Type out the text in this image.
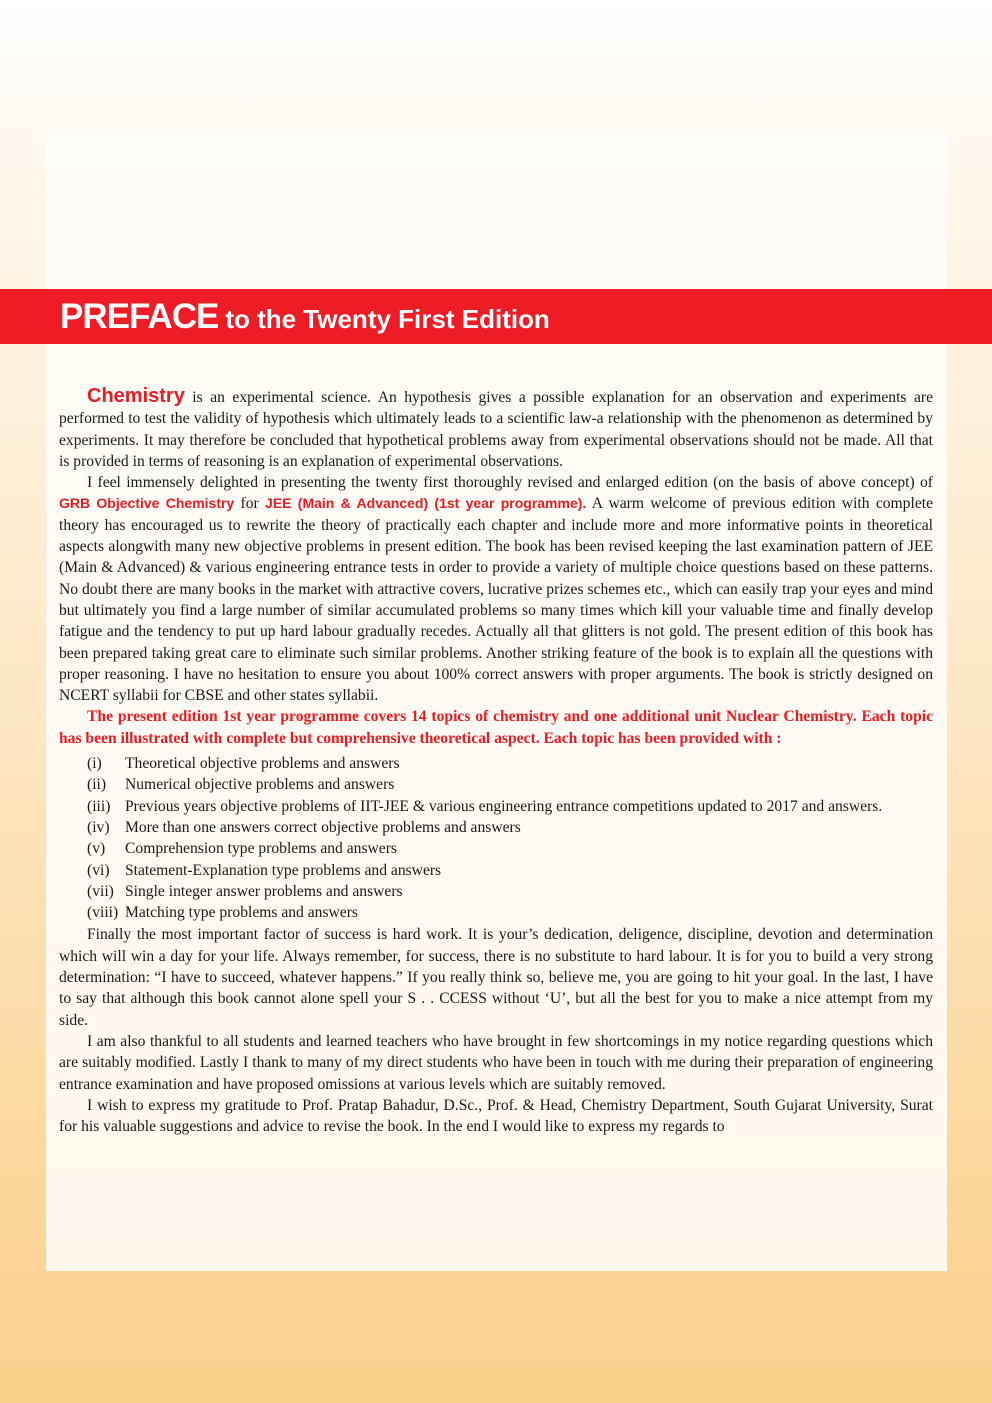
PREFACE to the Twenty First Edition

Chemistry is an experimental science. An hypothesis gives a possible explanation for an observation and experiments are performed to test the validity of hypothesis which ultimately leads to a scientific law-a relationship with the phenomenon as determined by experiments. It may therefore be concluded that hypothetical problems away from experimental observations should not be made. All that is provided in terms of reasoning is an explanation of experimental observations.

I feel immensely delighted in presenting the twenty first thoroughly revised and enlarged edition (on the basis of above concept) of GRB Objective Chemistry for JEE (Main & Advanced) (1st year programme). A warm welcome of previous edition with complete theory has encouraged us to rewrite the theory of practically each chapter and include more and more informative points in theoretical aspects alongwith many new objective problems in present edition. The book has been revised keeping the last examination pattern of JEE (Main & Advanced) & various engineering entrance tests in order to provide a variety of multiple choice questions based on these patterns. No doubt there are many books in the market with attractive covers, lucrative prizes schemes etc., which can easily trap your eyes and mind but ultimately you find a large number of similar accumulated problems so many times which kill your valuable time and finally develop fatigue and the tendency to put up hard labour gradually recedes. Actually all that glitters is not gold. The present edition of this book has been prepared taking great care to eliminate such similar problems. Another striking feature of the book is to explain all the questions with proper reasoning. I have no hesitation to ensure you about 100% correct answers with proper arguments. The book is strictly designed on NCERT syllabii for CBSE and other states syllabii.

The present edition 1st year programme covers 14 topics of chemistry and one additional unit Nuclear Chemistry. Each topic has been illustrated with complete but comprehensive theoretical aspect. Each topic has been provided with :

(i)	Theoretical objective problems and answers
(ii)	Numerical objective problems and answers
(iii) Previous years objective problems of IIT-JEE & various engineering entrance competitions updated to 2017 and answers.
(iv) More than one answers correct objective problems and answers
(v)	Comprehension type problems and answers
(vi) Statement-Explanation type problems and answers
(vii) Single integer answer problems and answers
(viii) Matching type problems and answers

Finally the most important factor of success is hard work. It is your’s dedication, deligence, discipline, devotion and determination which will win a day for your life. Always remember, for success, there is no substitute to hard labour. It is for you to build a very strong determination: “I have to succeed, whatever happens.” If you really think so, believe me, you are going to hit your goal. In the last, I have to say that although this book cannot alone spell your S . . CCESS without ‘U’, but all the best for you to make a nice attempt from my side.

I am also thankful to all students and learned teachers who have brought in few shortcomings in my notice regarding questions which are suitably modified. Lastly I thank to many of my direct students who have been in touch with me during their preparation of engineering entrance examination and have proposed omissions at various levels which are suitably removed.

I wish to express my gratitude to Prof. Pratap Bahadur, D.Sc., Prof. & Head, Chemistry Department, South Gujarat University, Surat for his valuable suggestions and advice to revise the book. In the end I would like to express my regards to
